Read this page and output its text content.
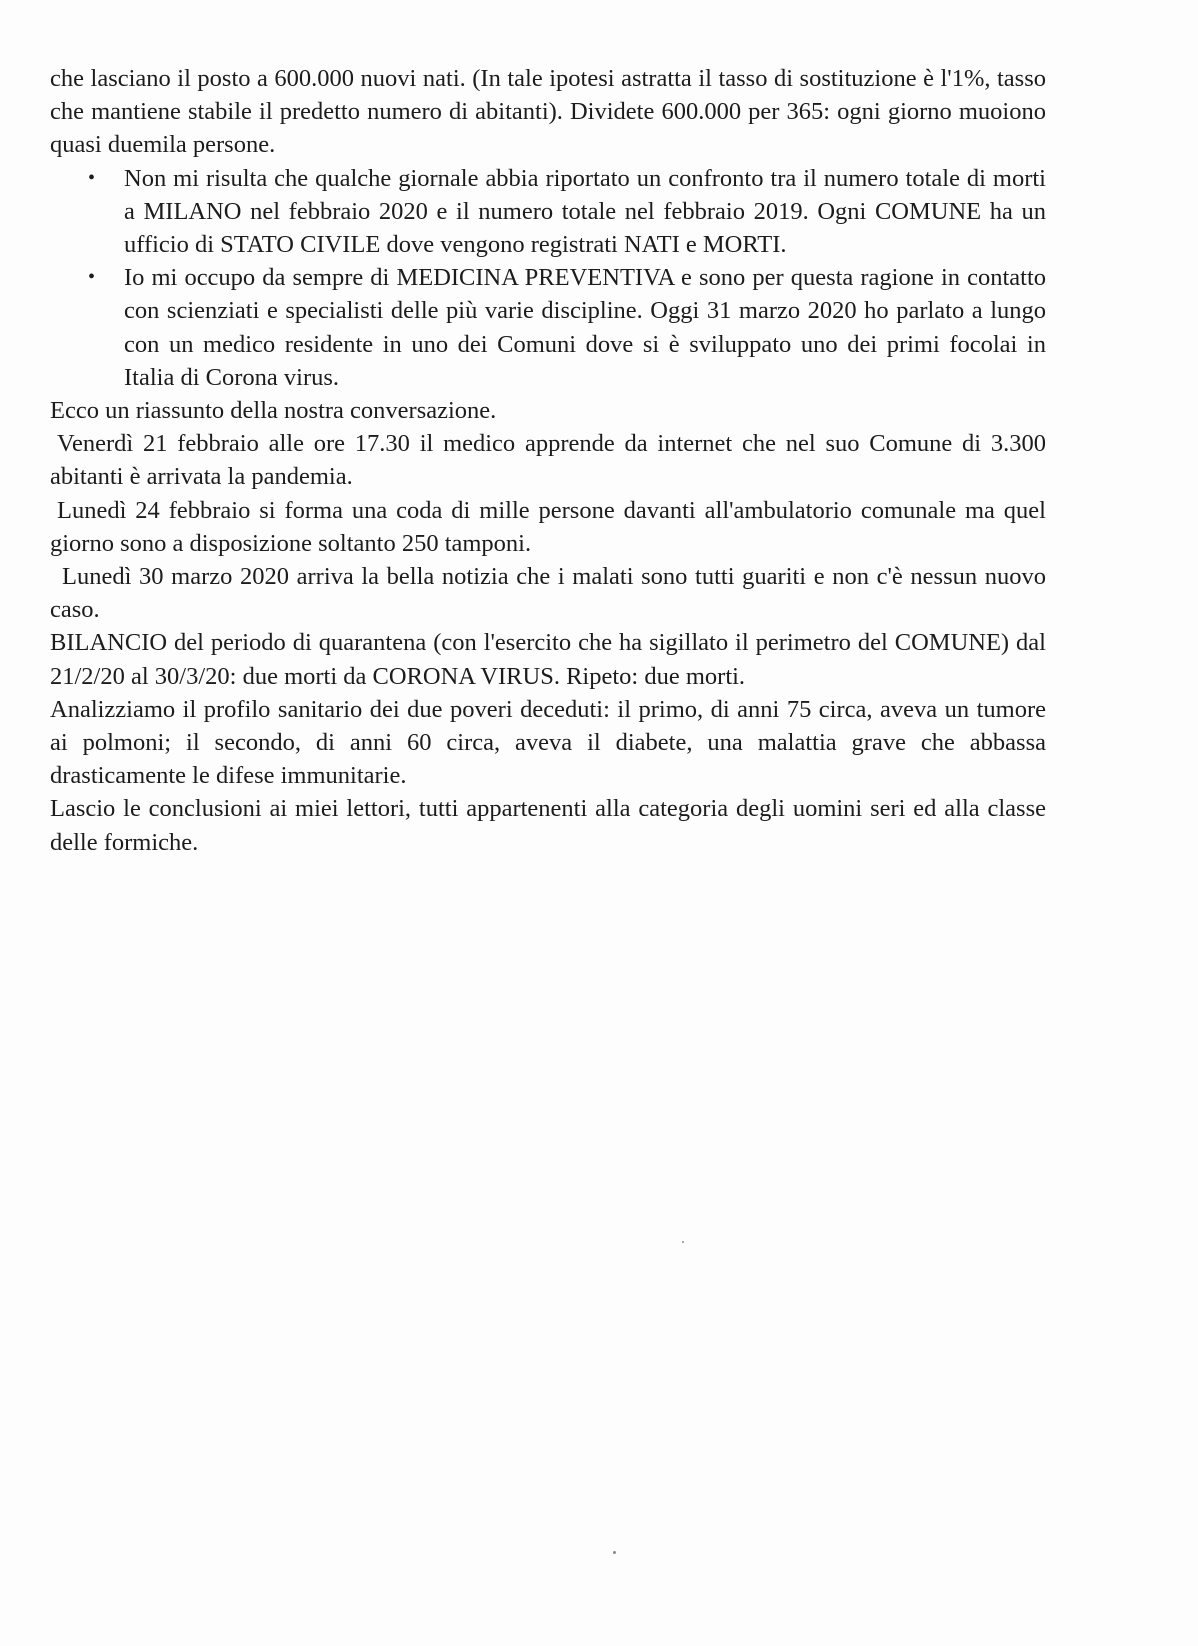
che lasciano il posto a 600.000 nuovi nati. (In tale ipotesi astratta il tasso di sostituzione è l'1%, tasso che mantiene stabile il predetto numero di abitanti). Dividete 600.000 per 365: ogni giorno muoiono quasi duemila persone.

• Non mi risulta che qualche giornale abbia riportato un confronto tra il numero totale di morti a MILANO nel febbraio 2020 e il numero totale nel febbraio 2019. Ogni COMUNE ha un ufficio di STATO CIVILE dove vengono registrati NATI e MORTI.
• Io mi occupo da sempre di MEDICINA PREVENTIVA e sono per questa ragione in contatto con scienziati e specialisti delle più varie discipline. Oggi 31 marzo 2020 ho parlato a lungo con un medico residente in uno dei Comuni dove si è sviluppato uno dei primi focolai in Italia di Corona virus.

Ecco un riassunto della nostra conversazione.

Venerdì 21 febbraio alle ore 17.30 il medico apprende da internet che nel suo Comune di 3.300 abitanti è arrivata la pandemia.

Lunedì 24 febbraio si forma una coda di mille persone davanti all'ambulatorio comunale ma quel giorno sono a disposizione soltanto 250 tamponi.

Lunedì 30 marzo 2020 arriva la bella notizia che i malati sono tutti guariti e non c'è nessun nuovo caso.

BILANCIO del periodo di quarantena (con l'esercito che ha sigillato il perimetro del COMUNE) dal 21/2/20 al 30/3/20: due morti da CORONA VIRUS. Ripeto: due morti.

Analizziamo il profilo sanitario dei due poveri deceduti: il primo, di anni 75 circa, aveva un tumore ai polmoni; il secondo, di anni 60 circa, aveva il diabete, una malattia grave che abbassa drasticamente le difese immunitarie.

Lascio le conclusioni ai miei lettori, tutti appartenenti alla categoria degli uomini seri ed alla classe delle formiche.
